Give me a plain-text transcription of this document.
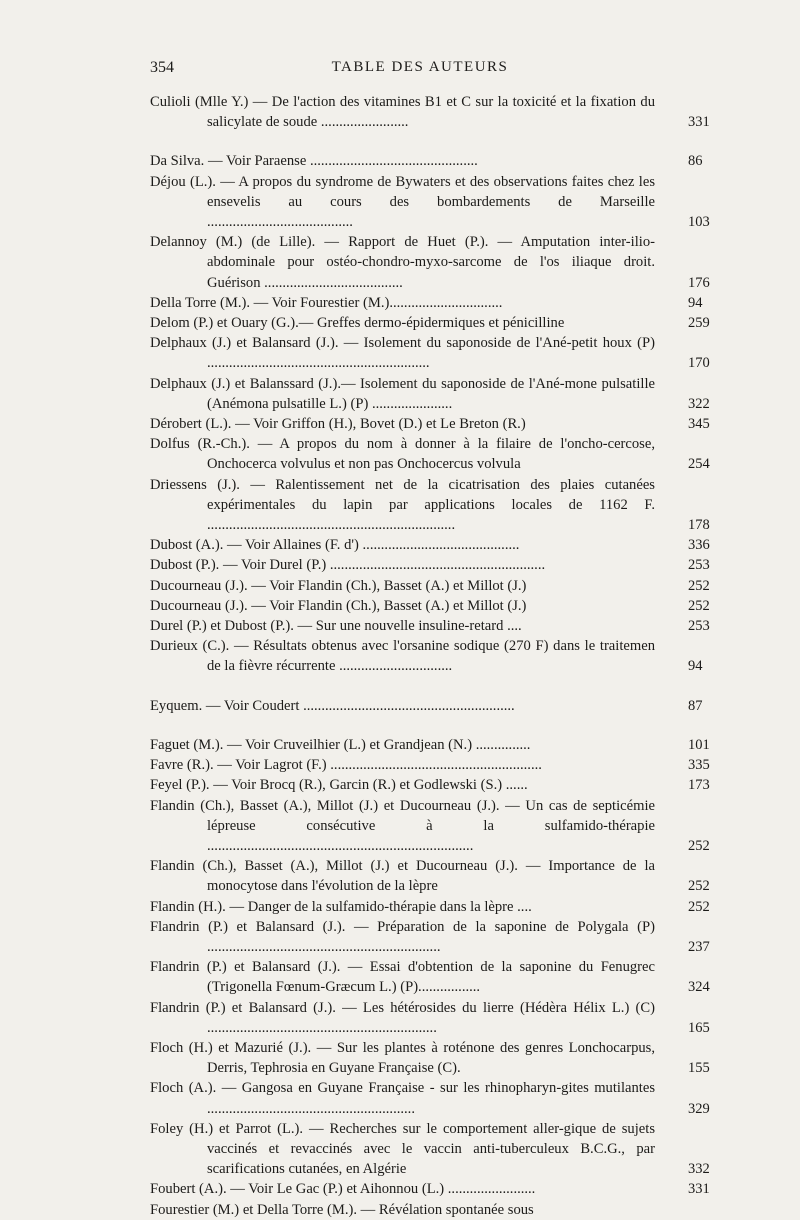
354	TABLE DES AUTEURS
Culioli (Mlle Y.) — De l'action des vitamines B1 et C sur la toxicité et la fixation du salicylate de soude ........................	331
Da Silva. — Voir Paraense ..............................................	86
Déjou (L.). — A propos du syndrome de Bywaters et des observations faites chez les ensevelis au cours des bombardements de Marseille ........................................	103
Delannoy (M.) (de Lille). — Rapport de Huet (P.). — Amputation inter-ilio-abdominale pour ostéo-chondro-myxo-sarcome de l'os iliaque droit. Guérison ......................................	176
Della Torre (M.). — Voir Fourestier (M.)...............................	94
Delom (P.) et Ouary (G.).— Greffes dermo-épidermiques et pénicilline	259
Delphaux (J.) et Balansard (J.). — Isolement du saponoside de l'Ané-petit houx (P) .............................................................	170
Delphaux (J.) et Balanssard (J.).— Isolement du saponoside de l'Ané-mone pulsatille (Anémona pulsatille L.) (P) ......................	322
Dérobert (L.). — Voir Griffon (H.), Bovet (D.) et Le Breton (R.)	345
Dolfus (R.-Ch.). — A propos du nom à donner à la filaire de l'oncho-cercose, Onchocerca volvulus et non pas Onchocercus volvula	254
Driessens (J.). — Ralentissement net de la cicatrisation des plaies cutanées expérimentales du lapin par applications locales de 1162 F. ....................................................................	178
Dubost (A.). — Voir Allaines (F. d') ...........................................	336
Dubost (P.). — Voir Durel (P.) ...........................................................	253
Ducourneau (J.). — Voir Flandin (Ch.), Basset (A.) et Millot (J.)	252
Ducourneau (J.). — Voir Flandin (Ch.), Basset (A.) et Millot (J.)	252
Durel (P.) et Dubost (P.). — Sur une nouvelle insuline-retard ....	253
Durieux (C.). — Résultats obtenus avec l'orsanine sodique (270 F) dans le traitemen de la fièvre récurrente ...............................	94
Eyquem. — Voir Coudert ..........................................................	87
Faguet (M.). — Voir Cruveilhier (L.) et Grandjean (N.) ...............	101
Favre (R.). — Voir Lagrot (F.) ..........................................................	335
Feyel (P.). — Voir Brocq (R.), Garcin (R.) et Godlewski (S.) ......	173
Flandin (Ch.), Basset (A.), Millot (J.) et Ducourneau (J.). — Un cas de septicémie lépreuse consécutive à la sulfamido-thérapie .........................................................................	252
Flandin (Ch.), Basset (A.), Millot (J.) et Ducourneau (J.). — Importance de la monocytose dans l'évolution de la lèpre	252
Flandin (H.). — Danger de la sulfamido-thérapie dans la lèpre ....	252
Flandrin (P.) et Balansard (J.). — Préparation de la saponine de Polygala (P) ................................................................	237
Flandrin (P.) et Balansard (J.). — Essai d'obtention de la saponine du Fenugrec (Trigonella Fœnum-Græcum L.) (P).................	324
Flandrin (P.) et Balansard (J.). — Les hétérosides du lierre (Hédèra Hélix L.) (C) ...............................................................	165
Floch (H.) et Mazurié (J.). — Sur les plantes à roténone des genres Lonchocarpus, Derris, Tephrosia en Guyane Française (C).	155
Floch (A.). — Gangosa en Guyane Française - sur les rhinopharyn-gites mutilantes .........................................................	329
Foley (H.) et Parrot (L.). — Recherches sur le comportement aller-gique de sujets vaccinés et revaccinés avec le vaccin anti-tuberculeux B.C.G., par scarifications cutanées, en Algérie	332
Foubert (A.). — Voir Le Gac (P.) et Aihonnou (L.) ........................	331
Fourestier (M.) et Della Torre (M.). — Révélation spontanée sous
